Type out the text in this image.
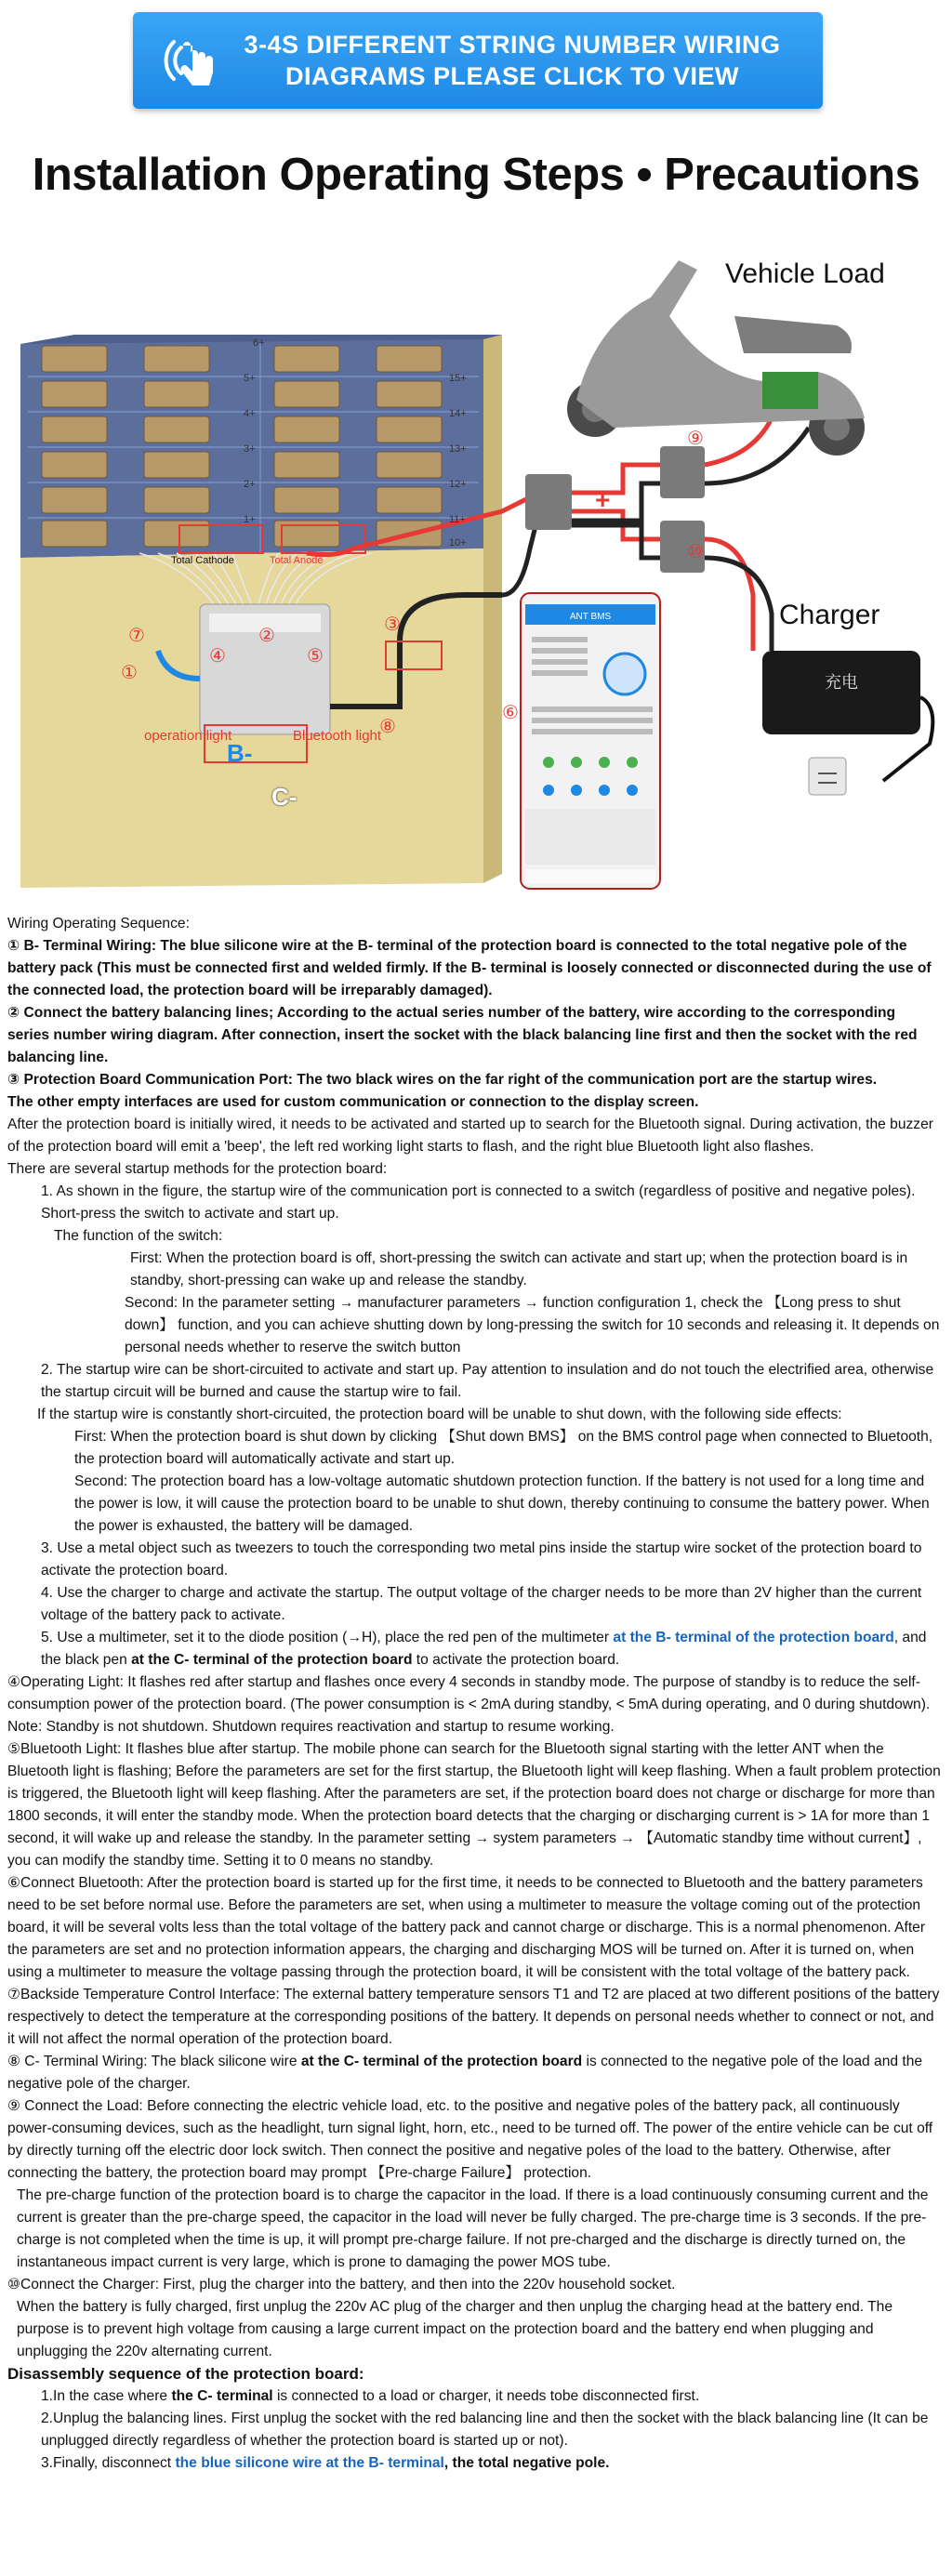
3-4S DIFFERENT STRING NUMBER WIRING
DIAGRAMS PLEASE CLICK TO VIEW
Installation Operating Steps • Precautions
+
充电
ANT BMS
①
②	③
④	⑤
⑥
⑦
⑧
⑨
⑩
Vehicle Load
Charger
Total Cathode	Total Anode
operation light	Bluetooth light
B-
C-
6+
5+
4+
3+
2+
1+
15+
14+
13+
12+
11+
10+

Wiring Operating Sequence:

① B- Terminal Wiring: The blue silicone wire at the B- terminal of the protection board is connected to the total negative pole of the battery pack (This must be connected first and welded firmly. If the B- terminal is loosely connected or disconnected during the use of the connected load, the protection board will be irreparably damaged).

② Connect the battery balancing lines; According to the actual series number of the battery, wire according to the corresponding series number wiring diagram. After connection, insert the socket with the black balancing line first and then the socket with the red balancing line.

③ Protection Board Communication Port: The two black wires on the far right of the communication port are the startup wires.

The other empty interfaces are used for custom communication or connection to the display screen.

After the protection board is initially wired, it needs to be activated and started up to search for the Bluetooth signal. During activation, the buzzer of the protection board will emit a 'beep', the left red working light starts to flash, and the right blue Bluetooth light also flashes.

There are several startup methods for the protection board:

1. As shown in the figure, the startup wire of the communication port is connected to a switch (regardless of positive and negative poles). Short-press the switch to activate and start up.

The function of the switch:

First: When the protection board is off, short-pressing the switch can activate and start up; when the protection board is in standby, short-pressing can wake up and release the standby.

Second: In the parameter setting → manufacturer parameters → function configuration 1, check the 【Long press to shut down】 function, and you can achieve shutting down by long-pressing the switch for 10 seconds and releasing it. It depends on personal needs whether to reserve the switch button

2. The startup wire can be short-circuited to activate and start up. Pay attention to insulation and do not touch the electrified area, otherwise the startup circuit will be burned and cause the startup wire to fail.

If the startup wire is constantly short-circuited, the protection board will be unable to shut down, with the following side effects:

First: When the protection board is shut down by clicking 【Shut down BMS】 on the BMS control page when connected to Bluetooth, the protection board will automatically activate and start up.

Second: The protection board has a low-voltage automatic shutdown protection function. If the battery is not used for a long time and the power is low, it will cause the protection board to be unable to shut down, thereby continuing to consume the battery power. When the power is exhausted, the battery will be damaged.

3. Use a metal object such as tweezers to touch the corresponding two metal pins inside the startup wire socket of the protection board to activate the protection board.

4. Use the charger to charge and activate the startup. The output voltage of the charger needs to be more than 2V higher than the current voltage of the battery pack to activate.

5. Use a multimeter, set it to the diode position (→H), place the red pen of the multimeter at the B- terminal of the protection board, and the black pen at the C- terminal of the protection board to activate the protection board.

④Operating Light: It flashes red after startup and flashes once every 4 seconds in standby mode. The purpose of standby is to reduce the self-consumption power of the protection board. (The power consumption is < 2mA during standby, < 5mA during operating, and 0 during shutdown). Note: Standby is not shutdown. Shutdown requires reactivation and startup to resume working.

⑤Bluetooth Light: It flashes blue after startup. The mobile phone can search for the Bluetooth signal starting with the letter ANT when the Bluetooth light is flashing; Before the parameters are set for the first startup, the Bluetooth light will keep flashing. When a fault problem protection is triggered, the Bluetooth light will keep flashing. After the parameters are set, if the protection board does not charge or discharge for more than 1800 seconds, it will enter the standby mode. When the protection board detects that the charging or discharging current is > 1A for more than 1 second, it will wake up and release the standby. In the parameter setting → system parameters → 【Automatic standby time without current】, you can modify the standby time. Setting it to 0 means no standby.

⑥Connect Bluetooth: After the protection board is started up for the first time, it needs to be connected to Bluetooth and the battery parameters need to be set before normal use. Before the parameters are set, when using a multimeter to measure the voltage coming out of the protection board, it will be several volts less than the total voltage of the battery pack and cannot charge or discharge. This is a normal phenomenon. After the parameters are set and no protection information appears, the charging and discharging MOS will be turned on. After it is turned on, when using a multimeter to measure the voltage passing through the protection board, it will be consistent with the total voltage of the battery pack.

⑦Backside Temperature Control Interface: The external battery temperature sensors T1 and T2 are placed at two different positions of the battery respectively to detect the temperature at the corresponding positions of the battery. It depends on personal needs whether to connect or not, and it will not affect the normal operation of the protection board.

⑧ C- Terminal Wiring: The black silicone wire at the C- terminal of the protection board is connected to the negative pole of the load and the negative pole of the charger.

⑨ Connect the Load: Before connecting the electric vehicle load, etc. to the positive and negative poles of the battery pack, all continuously power-consuming devices, such as the headlight, turn signal light, horn, etc., need to be turned off. The power of the entire vehicle can be cut off by directly turning off the electric door lock switch. Then connect the positive and negative poles of the load to the battery. Otherwise, after connecting the battery, the protection board may prompt 【Pre-charge Failure】 protection.

The pre-charge function of the protection board is to charge the capacitor in the load. If there is a load continuously consuming current and the current is greater than the pre-charge speed, the capacitor in the load will never be fully charged. The pre-charge time is 3 seconds. If the pre-charge is not completed when the time is up, it will prompt pre-charge failure. If not pre-charged and the discharge is directly turned on, the instantaneous impact current is very large, which is prone to damaging the power MOS tube.

⑩Connect the Charger: First, plug the charger into the battery, and then into the 220v household socket.

When the battery is fully charged, first unplug the 220v AC plug of the charger and then unplug the charging head at the battery end. The purpose is to prevent high voltage from causing a large current impact on the protection board and the battery end when plugging and unplugging the 220v alternating current.

Disassembly sequence of the protection board:

1.In the case where the C- terminal is connected to a load or charger, it needs tobe disconnected first.

2.Unplug the balancing lines. First unplug the socket with the red balancing line and then the socket with the black balancing line (It can be unplugged directly regardless of whether the protection board is started up or not).

3.Finally, disconnect the blue silicone wire at the B- terminal, the total negative pole.
